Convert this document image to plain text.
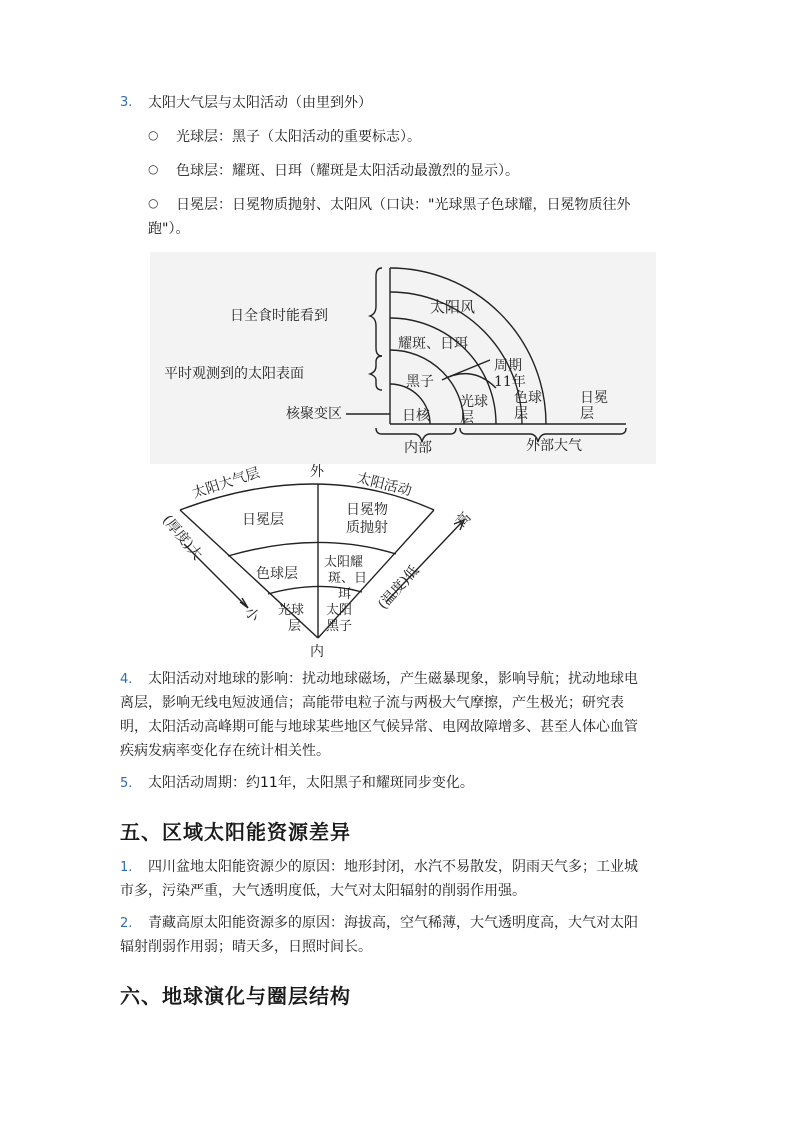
3. 太阳大气层与太阳活动（由里到外）
○ 光球层：黑子（太阳活动的重要标志）。
○ 色球层：耀斑、日珥（耀斑是太阳活动最激烈的显示）。
○ 日冕层：日冕物质抛射、太阳风（口诀："光球黑子色球耀，日冕物质往外
跑"）。
太阳风
耀斑、日珥
周期
11年
黑子
光球
层
色球
层
日冕
层
日全食时能看到
平时观测到的太阳表面
核聚变区	日核
内部	外部大气
太阳大气层	外 太阳活动
日冕层
日冕物
质抛射
色球层
太阳耀
斑、日
珥
光球
层
太阳
黑子
内
(厚度)大
小
(温度)低
高
4. 太阳活动对地球的影响：扰动地球磁场，产生磁暴现象，影响导航；扰动地球电
离层，影响无线电短波通信；高能带电粒子流与两极大气摩擦，产生极光；研究表
明，太阳活动高峰期可能与地球某些地区气候异常、电网故障增多、甚至人体心血管
疾病发病率变化存在统计相关性。
5. 太阳活动周期：约11年，太阳黑子和耀斑同步变化。
五、区域太阳能资源差异
1. 四川盆地太阳能资源少的原因：地形封闭，水汽不易散发，阴雨天气多；工业城
市多，污染严重，大气透明度低，大气对太阳辐射的削弱作用强。
2. 青藏高原太阳能资源多的原因：海拔高，空气稀薄，大气透明度高，大气对太阳
辐射削弱作用弱；晴天多，日照时间长。
六、地球演化与圈层结构
